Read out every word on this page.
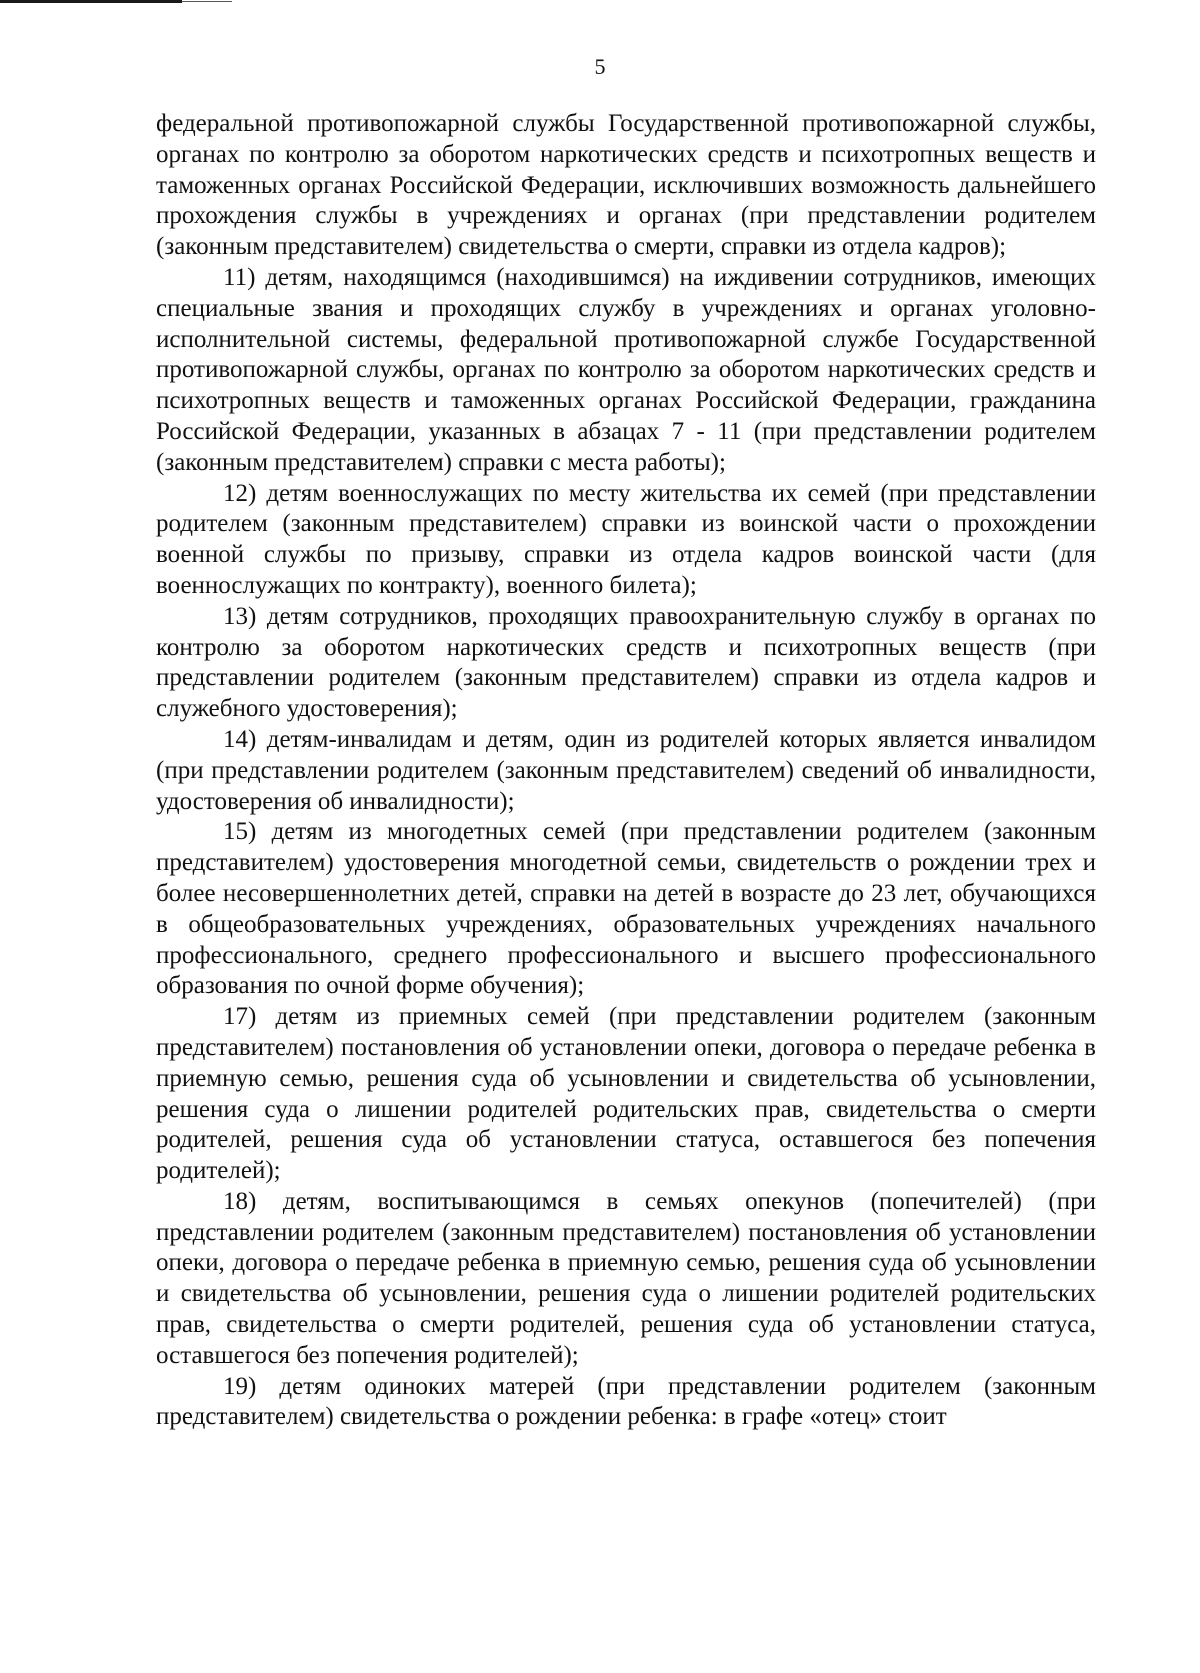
5

федеральной противопожарной службы Государственной противопожарной службы, органах по контролю за оборотом наркотических средств и психотропных веществ и таможенных органах Российской Федерации, исключивших возможность дальнейшего прохождения службы в учреждениях и органах (при представлении родителем (законным представителем) свидетельства о смерти, справки из отдела кадров);

11) детям, находящимся (находившимся) на иждивении сотрудников, имеющих специальные звания и проходящих службу в учреждениях и органах уголовно-исполнительной системы, федеральной противопожарной службе Государственной противопожарной службы, органах по контролю за оборотом наркотических средств и психотропных веществ и таможенных органах Российской Федерации, гражданина Российской Федерации, указанных в абзацах 7 - 11 (при представлении родителем (законным представителем) справки с места работы);

12) детям военнослужащих по месту жительства их семей (при представлении родителем (законным представителем) справки из воинской части о прохождении военной службы по призыву, справки из отдела кадров воинской части (для военнослужащих по контракту), военного билета);

13) детям сотрудников, проходящих правоохранительную службу в органах по контролю за оборотом наркотических средств и психотропных веществ (при представлении родителем (законным представителем) справки из отдела кадров и служебного удостоверения);

14) детям-инвалидам и детям, один из родителей которых является инвалидом (при представлении родителем (законным представителем) сведений об инвалидности, удостоверения об инвалидности);

15) детям из многодетных семей (при представлении родителем (законным представителем) удостоверения многодетной семьи, свидетельств о рождении трех и более несовершеннолетних детей, справки на детей в возрасте до 23 лет, обучающихся в общеобразовательных учреждениях, образовательных учреждениях начального профессионального, среднего профессионального и высшего профессионального образования по очной форме обучения);

17) детям из приемных семей (при представлении родителем (законным представителем) постановления об установлении опеки, договора о передаче ребенка в приемную семью, решения суда об усыновлении и свидетельства об усыновлении, решения суда о лишении родителей родительских прав, свидетельства о смерти родителей, решения суда об установлении статуса, оставшегося без попечения родителей);

18) детям, воспитывающимся в семьях опекунов (попечителей) (при представлении родителем (законным представителем) постановления об установлении опеки, договора о передаче ребенка в приемную семью, решения суда об усыновлении и свидетельства об усыновлении, решения суда о лишении родителей родительских прав, свидетельства о смерти родителей, решения суда об установлении статуса, оставшегося без попечения родителей);

19) детям одиноких матерей (при представлении родителем (законным представителем) свидетельства о рождении ребенка: в графе «отец» стоит
